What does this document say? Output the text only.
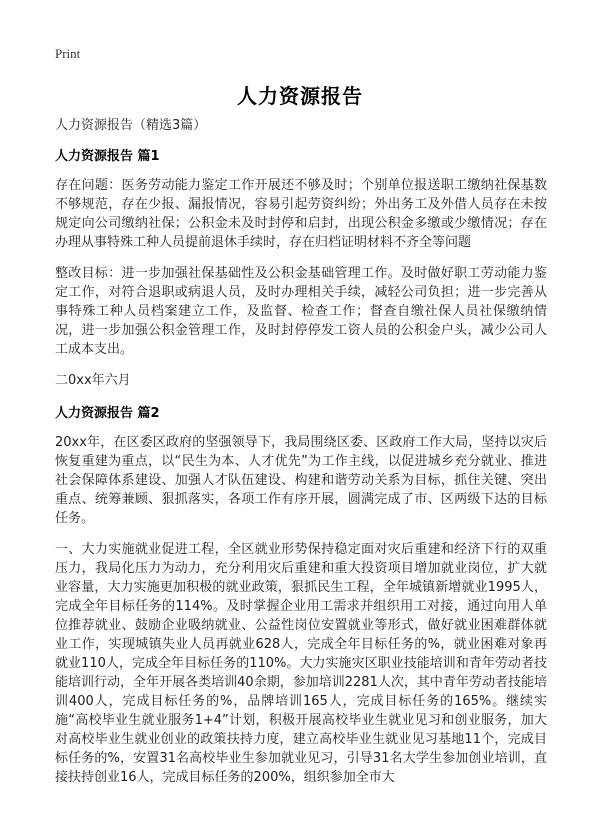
Print
人力资源报告

人力资源报告（精选3篇）

人力资源报告 篇1

存在问题：医务劳动能力鉴定工作开展还不够及时；个别单位报送职工缴纳社保基数不够规范，存在少报、漏报情况，容易引起劳资纠纷；外出务工及外借人员存在未按规定向公司缴纳社保；公积金未及时封停和启封，出现公积金多缴或少缴情况；存在办理从事特殊工种人员提前退休手续时，存在归档证明材料不齐全等问题

整改目标：进一步加强社保基础性及公积金基础管理工作。及时做好职工劳动能力鉴定工作，对符合退职或病退人员，及时办理相关手续，减轻公司负担；进一步完善从事特殊工种人员档案建立工作，及监督、检查工作；督查自缴社保人员社保缴纳情况，进一步加强公积金管理工作，及时封停停发工资人员的公积金户头，减少公司人工成本支出。

二0xx年六月

人力资源报告 篇2

20xx年，在区委区政府的坚强领导下，我局围绕区委、区政府工作大局，坚持以灾后恢复重建为重点，以“民生为本、人才优先”为工作主线，以促进城乡充分就业、推进社会保障体系建设、加强人才队伍建设、构建和谐劳动关系为目标，抓住关键、突出重点、统筹兼顾、狠抓落实，各项工作有序开展，圆满完成了市、区两级下达的目标任务。

一、大力实施就业促进工程，全区就业形势保持稳定面对灾后重建和经济下行的双重压力，我局化压力为动力，充分利用灾后重建和重大投资项目增加就业岗位，扩大就业容量，大力实施更加积极的就业政策，狠抓民生工程，全年城镇新增就业1995人，完成全年目标任务的114%。及时掌握企业用工需求并组织用工对接，通过向用人单位推荐就业、鼓励企业吸纳就业、公益性岗位安置就业等形式，做好就业困难群体就业工作，实现城镇失业人员再就业628人，完成全年目标任务的%，就业困难对象再就业110人，完成全年目标任务的110%。大力实施灾区职业技能培训和青年劳动者技能培训行动，全年开展各类培训40余期，参加培训2281人次，其中青年劳动者技能培训400人，完成目标任务的%，品牌培训165人，完成目标任务的165%。继续实施“高校毕业生就业服务1+4”计划，积极开展高校毕业生就业见习和创业服务，加大对高校毕业生就业创业的政策扶持力度，建立高校毕业生就业见习基地11个，完成目标任务的%，安置31名高校毕业生参加就业见习，引导31名大学生参加创业培训，直接扶持创业16人，完成目标任务的200%，组织参加全市大
